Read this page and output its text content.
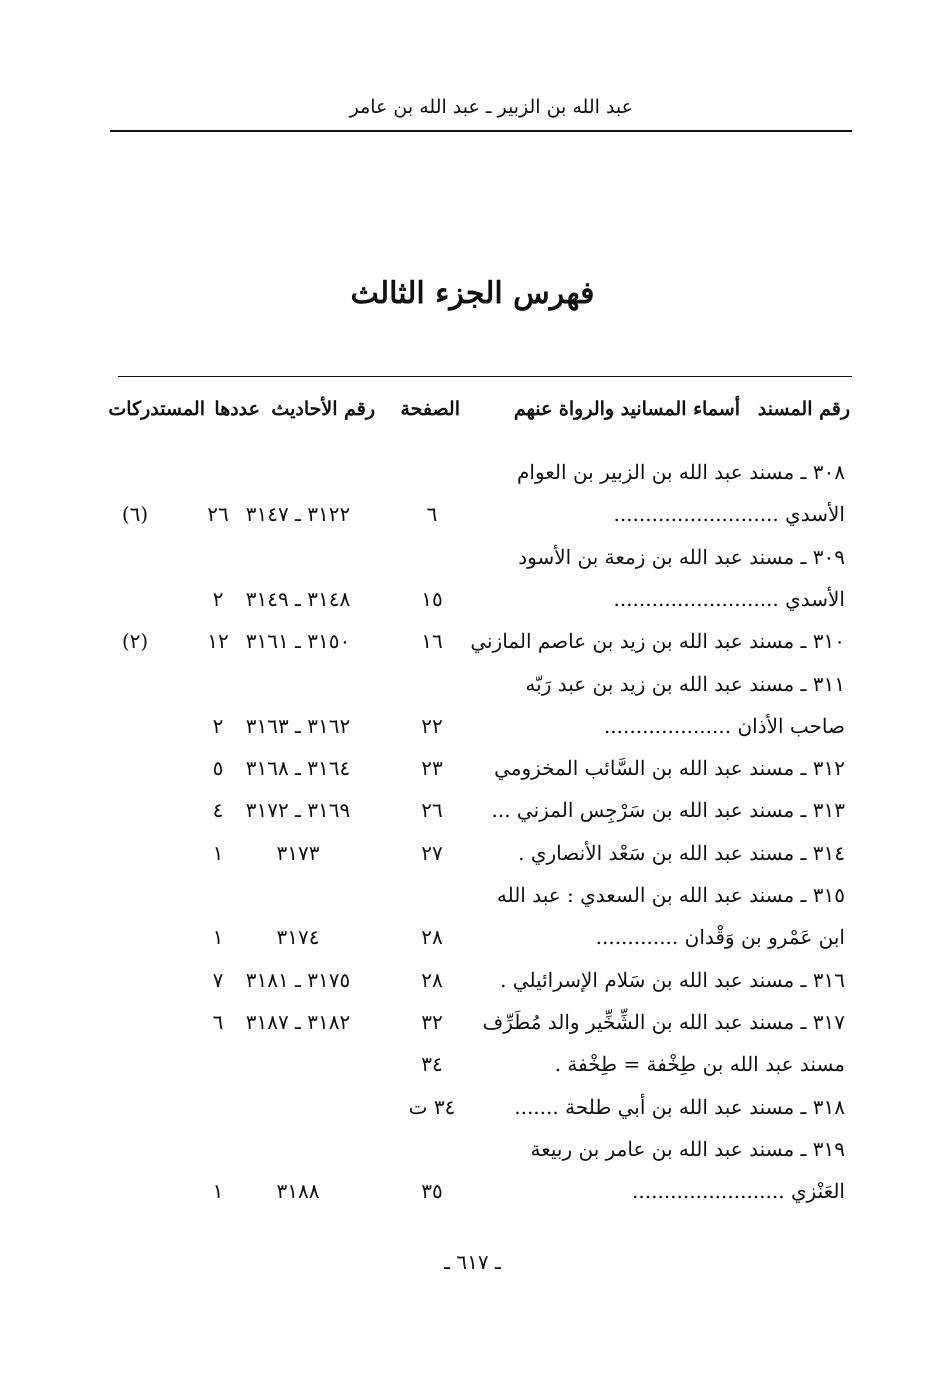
عبد الله بن الزبير ـ عبد الله بن عامر
فهرس الجزء الثالث
رقم المسند
أسماء المسانيد والرواة عنهم
الصفحة
رقم الأحاديث
عددها
المستدركات
٣٠٨ ـ مسند عبد الله بن الزبير بن العوام
الأسدي ..........................
٦
٣١٢٢ ـ ٣١٤٧
٢٦
(٦)
٣٠٩ ـ مسند عبد الله بن زمعة بن الأسود
الأسدي ..........................
١٥
٣١٤٨ ـ ٣١٤٩
٢
٣١٠ ـ مسند عبد الله بن زيد بن عاصم المازني
١٦
٣١٥٠ ـ ٣١٦١
١٢
(٢)
٣١١ ـ مسند عبد الله بن زيد بن عبد رَبّه
صاحب الأذان ....................
٢٢
٣١٦٢ ـ ٣١٦٣
٢
٣١٢ ـ مسند عبد الله بن السَّائب المخزومي
٢٣
٣١٦٤ ـ ٣١٦٨
٥
٣١٣ ـ مسند عبد الله بن سَرْجِس المزني ...
٢٦
٣١٦٩ ـ ٣١٧٢
٤
٣١٤ ـ مسند عبد الله بن سَعْد الأنصاري .
٢٧
٣١٧٣
١
٣١٥ ـ مسند عبد الله بن السعدي : عبد الله
ابن عَمْرو بن وَقْدان .............
٢٨
٣١٧٤
١
٣١٦ ـ مسند عبد الله بن سَلام الإسرائيلي .
٢٨
٣١٧٥ ـ ٣١٨١
٧
٣١٧ ـ مسند عبد الله بن الشِّخِّير والد مُطَرِّف
٣٢
٣١٨٢ ـ ٣١٨٧
٦
مسند عبد الله بن طِخْفة = طِخْفة .
٣٤
٣١٨ ـ مسند عبد الله بن أبي طلحة .......
٣٤ ت
٣١٩ ـ مسند عبد الله بن عامر بن ربيعة
العَنْزي ........................
٣٥
٣١٨٨
١
ـ ٦١٧ ـ
